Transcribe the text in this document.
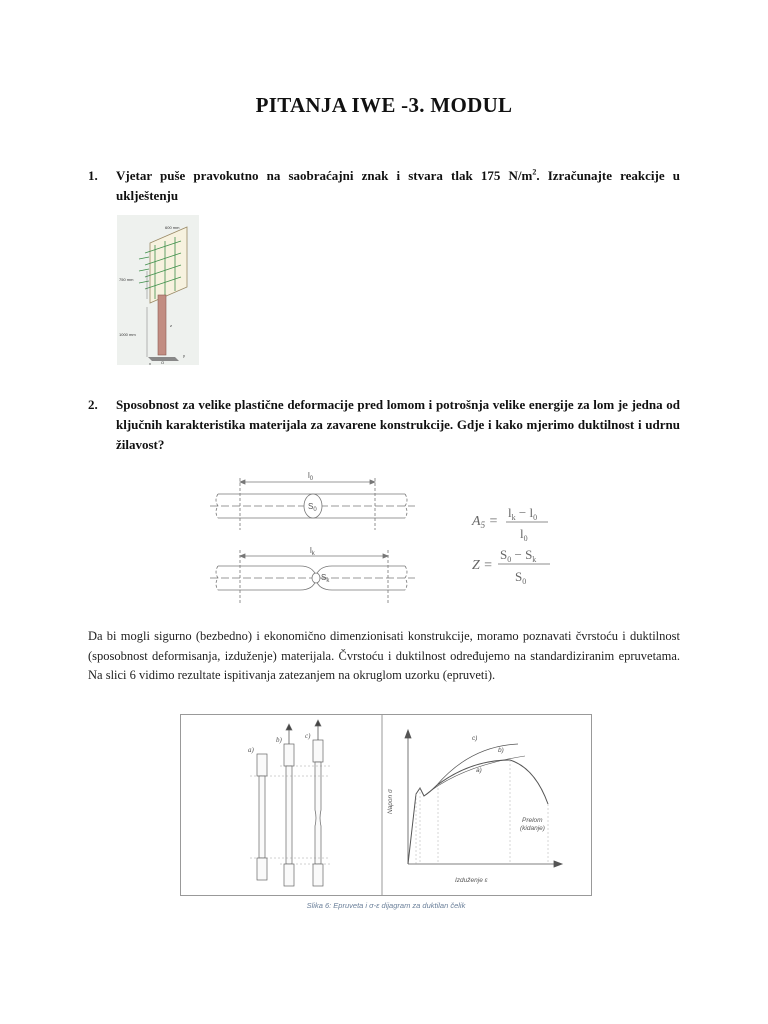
PITANJA IWE -3. MODUL
1. Vjetar puše pravokutno na saobraćajni znak i stvara tlak 175 $N/m^2$. Izračunajte reakcije u uklještenju
600 mm
750 mm
1000 mm
z
y
x	O
2. Sposobnost za velike plastične deformacije pred lomom i potrošnja velike energije za lom je jedna od ključnih karakteristika materijala za zavarene konstrukcije. Gdje i kako mjerimo duktilnost i udrnu žilavost?
$l_0$
$S_0$
$l_k$
$S_k$
$A_5$ =
$l_k - l_0$
$l_0$
Z =
$S_0 - S_k$
$S_0$
Da bi mogli sigurno (bezbedno) i ekonomično dimenzionisati konstrukcije, moramo poznavati čvrstoću i duktilnost (sposobnost deformisanja, izduženje) materijala. Čvrstoću i duktilnost određujemo na standardiziranim epruvetama. Na slici 6 vidimo rezultate ispitivanja zatezanjem na okruglom uzorku (epruveti).
a)
b)	c)
Napon σ
Izduženje ε
Prelom
(kidanje)
c)
b)
a)
Slika 6: Epruveta i σ-ε dijagram za duktilan čelik
